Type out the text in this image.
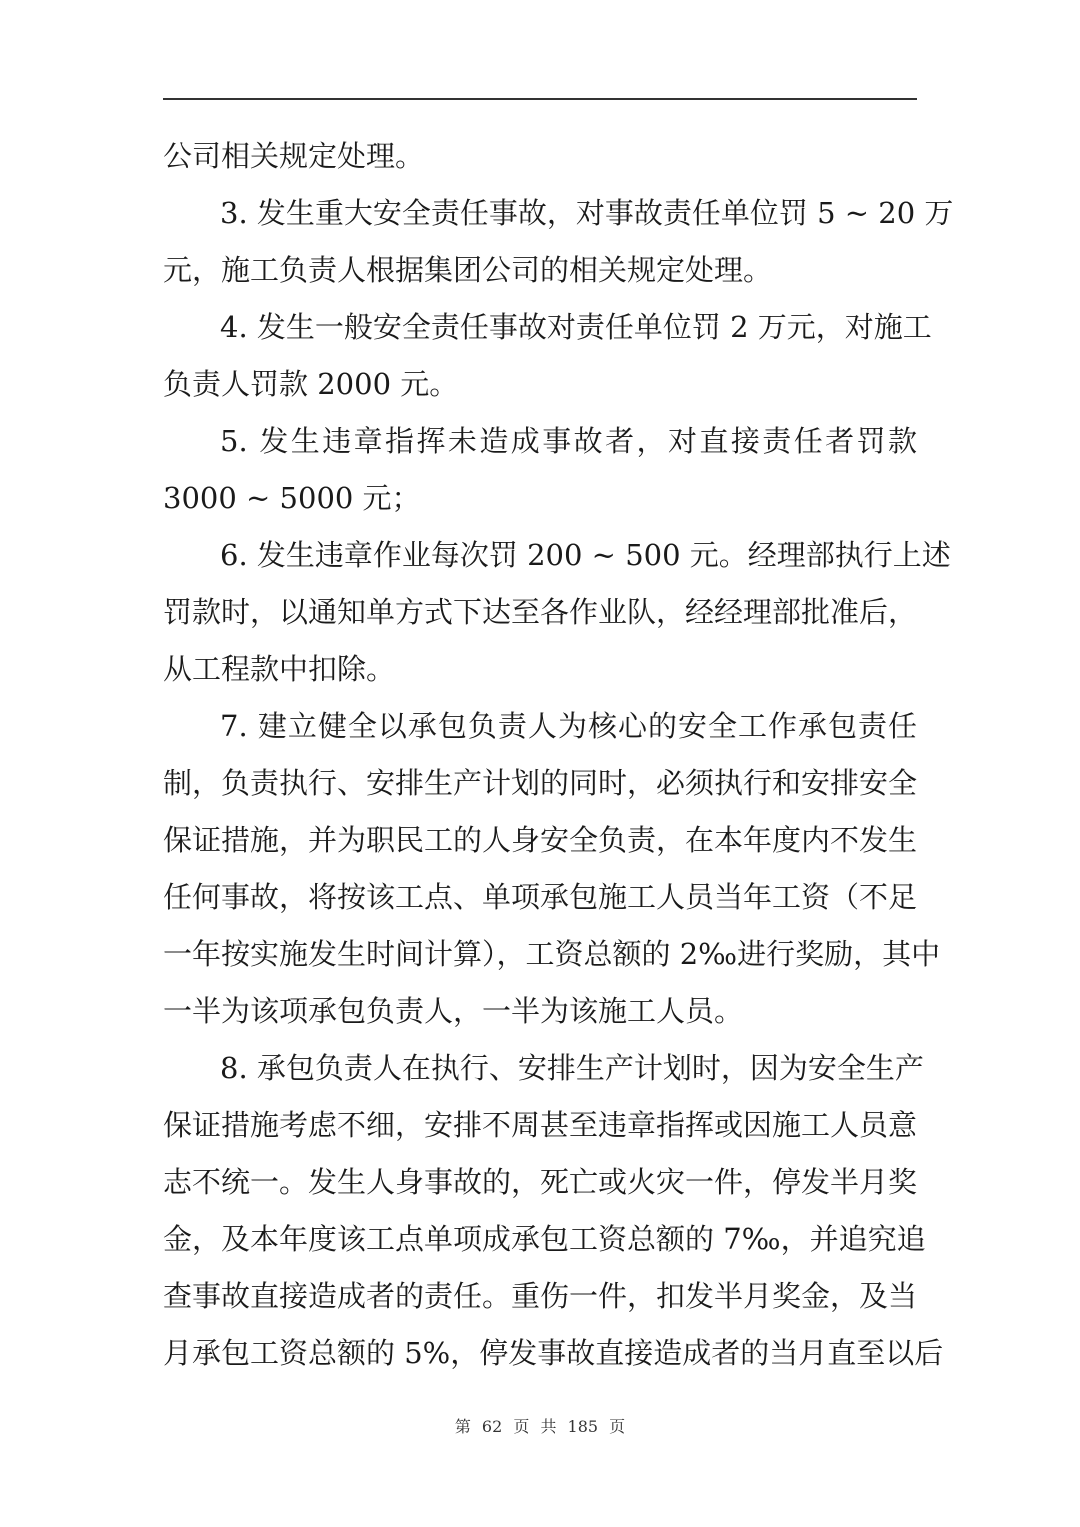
公司相关规定处理。
3. 发生重大安全责任事故，对事故责任单位罚 5 ~ 20 万
元，施工负责人根据集团公司的相关规定处理。
4. 发生一般安全责任事故对责任单位罚 2 万元，对施工
负责人罚款 2000 元。
5. 发生违章指挥未造成事故者，对直接责任者罚款
3000 ~ 5000 元；
6. 发生违章作业每次罚 200 ~ 500 元。经理部执行上述
罚款时，以通知单方式下达至各作业队，经经理部批准后，
从工程款中扣除。
7. 建立健全以承包负责人为核心的安全工作承包责任
制，负责执行、安排生产计划的同时，必须执行和安排安全
保证措施，并为职民工的人身安全负责，在本年度内不发生
任何事故，将按该工点、单项承包施工人员当年工资（不足
一年按实施发生时间计算），工资总额的 2‰进行奖励，其中
一半为该项承包负责人，一半为该施工人员。
8. 承包负责人在执行、安排生产计划时，因为安全生产
保证措施考虑不细，安排不周甚至违章指挥或因施工人员意
志不统一。发生人身事故的，死亡或火灾一件，停发半月奖
金，及本年度该工点单项成承包工资总额的 7‰，并追究追
查事故直接造成者的责任。重伤一件，扣发半月奖金，及当
月承包工资总额的 5%，停发事故直接造成者的当月直至以后
第 62 页 共 185 页
